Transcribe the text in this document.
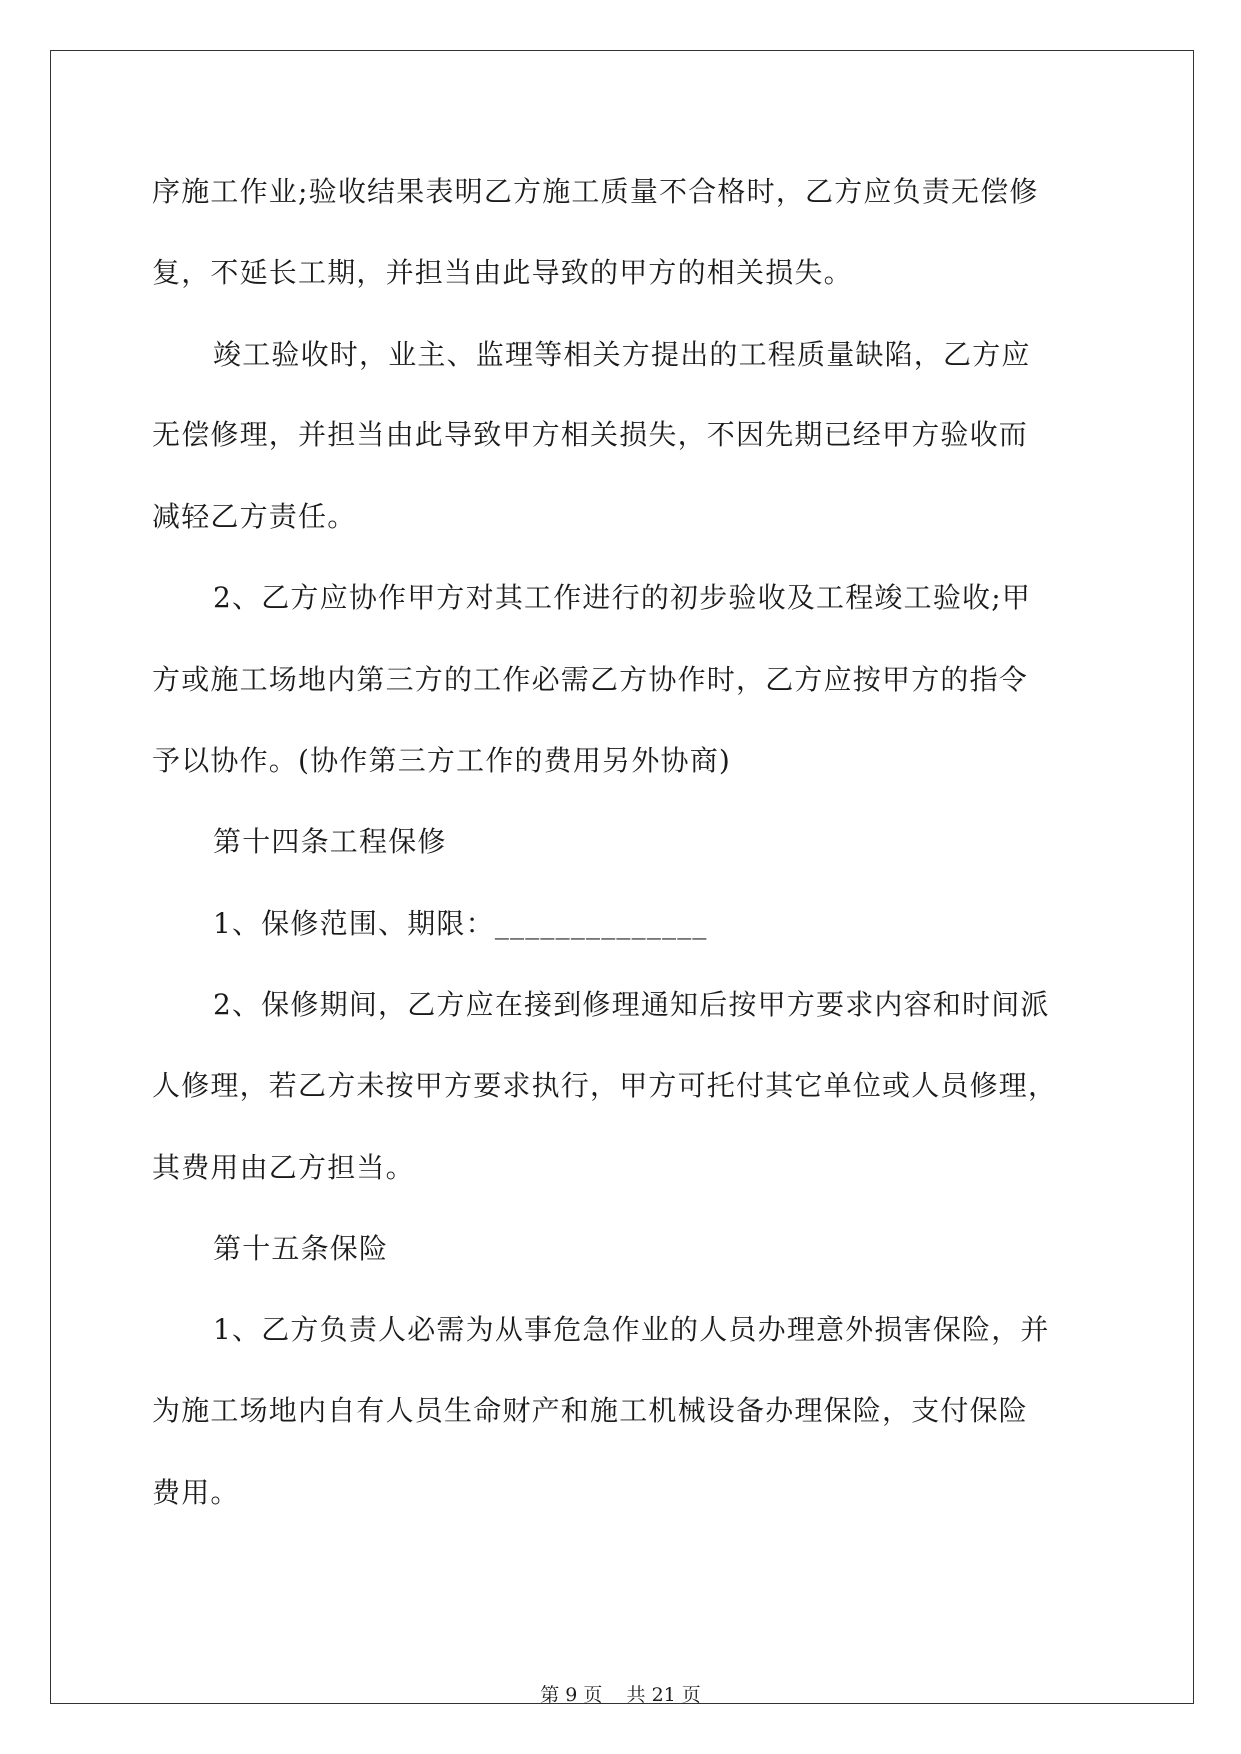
序施工作业;验收结果表明乙方施工质量不合格时，乙方应负责无偿修
复，不延长工期，并担当由此导致的甲方的相关损失。
竣工验收时，业主、监理等相关方提出的工程质量缺陷，乙方应
无偿修理，并担当由此导致甲方相关损失，不因先期已经甲方验收而
减轻乙方责任。
2、乙方应协作甲方对其工作进行的初步验收及工程竣工验收;甲
方或施工场地内第三方的工作必需乙方协作时，乙方应按甲方的指令
予以协作。(协作第三方工作的费用另外协商)
第十四条工程保修
1、保修范围、期限：______________
2、保修期间，乙方应在接到修理通知后按甲方要求内容和时间派
人修理，若乙方未按甲方要求执行，甲方可托付其它单位或人员修理，
其费用由乙方担当。
第十五条保险
1、乙方负责人必需为从事危急作业的人员办理意外损害保险，并
为施工场地内自有人员生命财产和施工机械设备办理保险，支付保险
费用。
第 9 页    共 21 页
